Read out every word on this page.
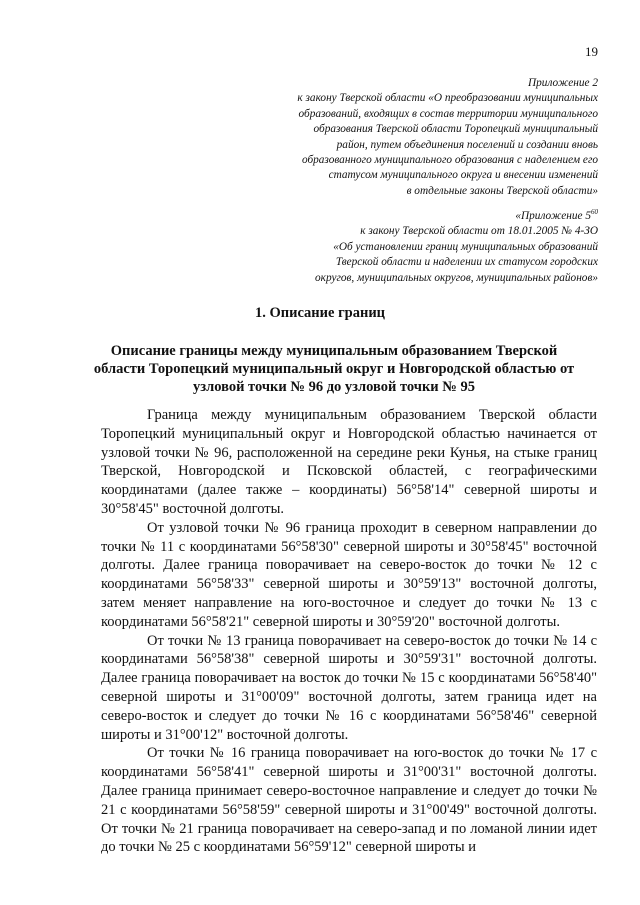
19
Приложение 2
к закону Тверской области «О преобразовании муниципальных
образований, входящих в состав территории муниципального
образования Тверской области Торопецкий муниципальный
район, путем объединения поселений и создании вновь
образованного муниципального образования с наделением его
статусом муниципального округа и внесении изменений
в отдельные законы Тверской области»
«Приложение $5^{60}$
к закону Тверской области от 18.01.2005 № 4-ЗО
«Об установлении границ муниципальных образований
Тверской области и наделении их статусом городских
округов, муниципальных округов, муниципальных районов»
1. Описание границ
Описание границы между муниципальным образованием Тверской области Торопецкий муниципальный округ и Новгородской областью от узловой точки № 96 до узловой точки № 95

Граница между муниципальным образованием Тверской области Торопецкий муниципальный округ и Новгородской областью начинается от узловой точки № 96, расположенной на середине реки Кунья, на стыке границ Тверской, Новгородской и Псковской областей, с географическими координатами (далее также – координаты) 56°58'14" северной широты и 30°58'45" восточной долготы.

От узловой точки № 96 граница проходит в северном направлении до точки № 11 с координатами 56°58'30" северной широты и 30°58'45" восточной долготы. Далее граница поворачивает на северо-восток до точки № 12 с координатами 56°58'33" северной широты и 30°59'13" восточной долготы, затем меняет направление на юго-восточное и следует до точки № 13 с координатами 56°58'21" северной широты и 30°59'20" восточной долготы.

От точки № 13 граница поворачивает на северо-восток до точки № 14 с координатами 56°58'38" северной широты и 30°59'31" восточной долготы. Далее граница поворачивает на восток до точки № 15 с координатами 56°58'40" северной широты и 31°00'09" восточной долготы, затем граница идет на северо-восток и следует до точки № 16 с координатами 56°58'46" северной широты и 31°00'12" восточной долготы.

От точки № 16 граница поворачивает на юго-восток до точки № 17 с координатами 56°58'41" северной широты и 31°00'31" восточной долготы. Далее граница принимает северо-восточное направление и следует до точки № 21 с координатами 56°58'59" северной широты и 31°00'49" восточной долготы. От точки № 21 граница поворачивает на северо-запад и по ломаной линии идет до точки № 25 с координатами 56°59'12" северной широты и
